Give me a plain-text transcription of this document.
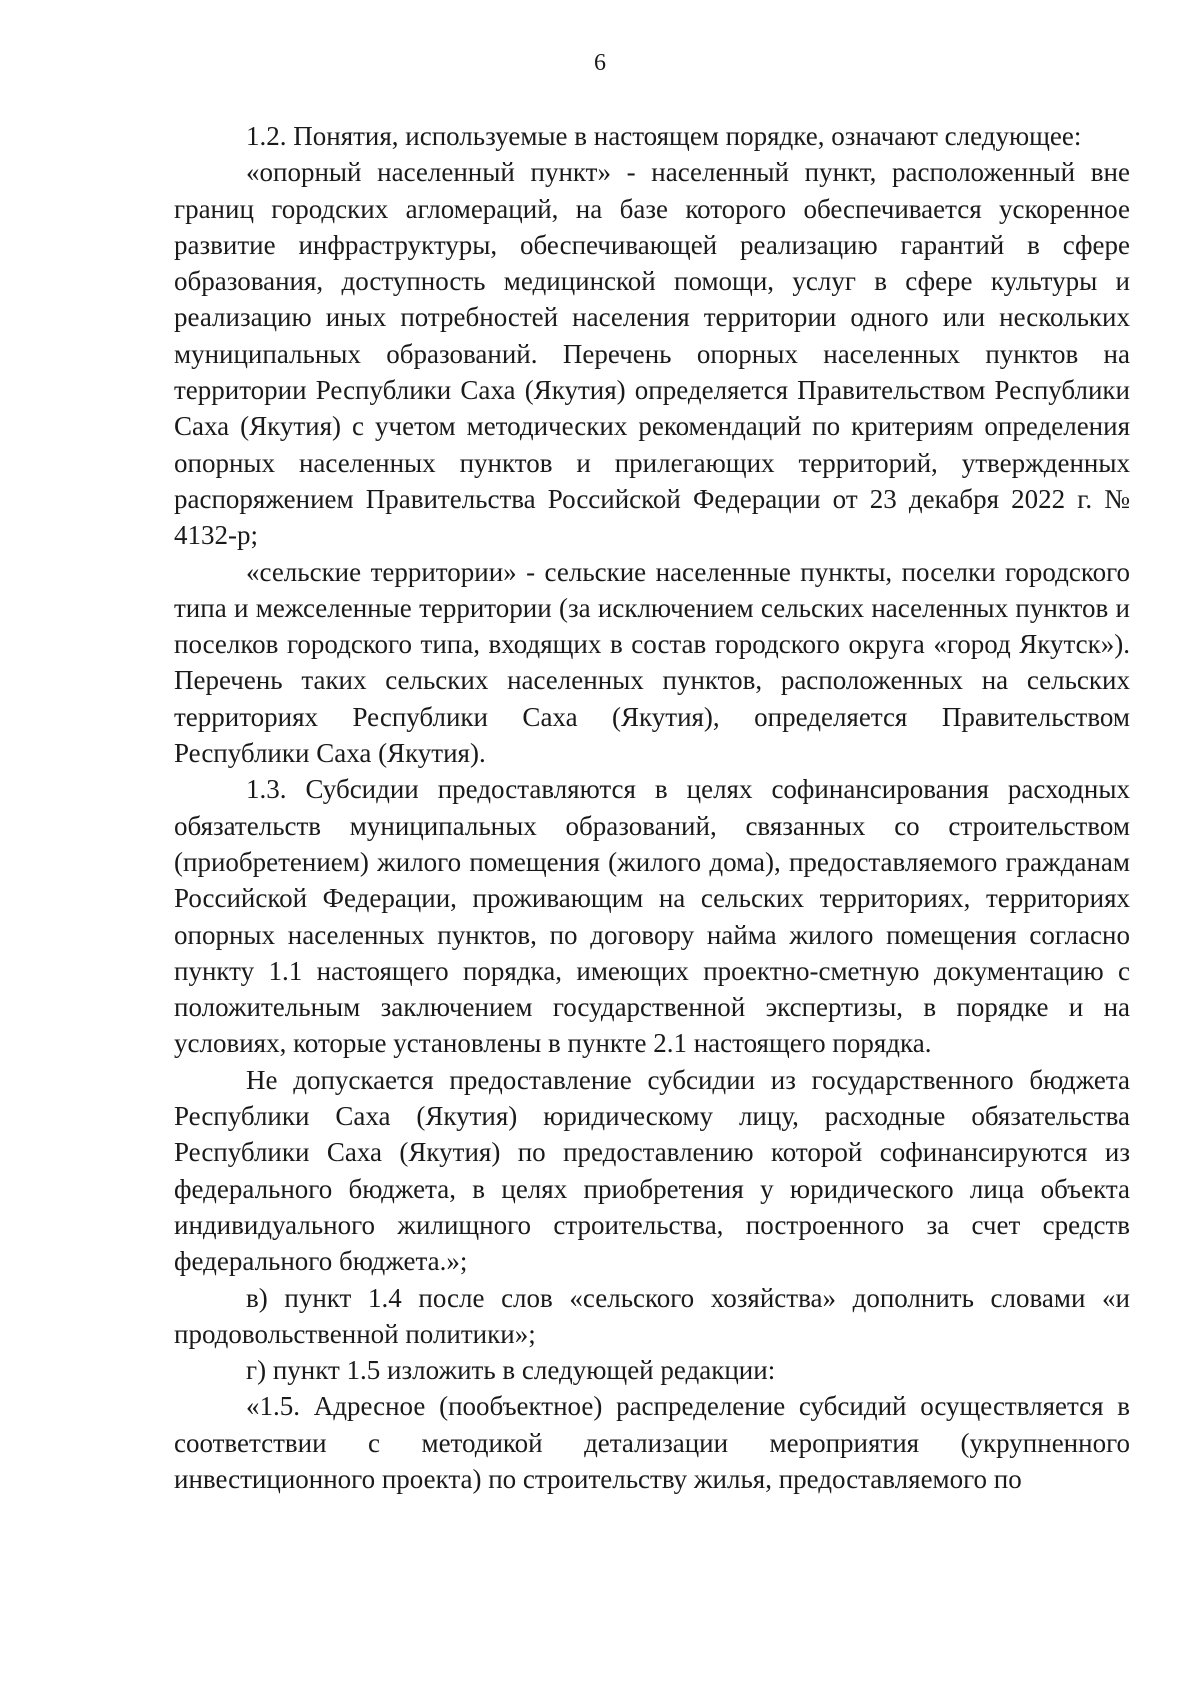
6

1.2. Понятия, используемые в настоящем порядке, означают следующее:

«опорный населенный пункт» - населенный пункт, расположенный вне границ городских агломераций, на базе которого обеспечивается ускоренное развитие инфраструктуры, обеспечивающей реализацию гарантий в сфере образования, доступность медицинской помощи, услуг в сфере культуры и реализацию иных потребностей населения территории одного или нескольких муниципальных образований. Перечень опорных населенных пунктов на территории Республики Саха (Якутия) определяется Правительством Республики Саха (Якутия) с учетом методических рекомендаций по критериям определения опорных населенных пунктов и прилегающих территорий, утвержденных распоряжением Правительства Российской Федерации от 23 декабря 2022 г. № 4132-р;

«сельские территории» - сельские населенные пункты, поселки городского типа и межселенные территории (за исключением сельских населенных пунктов и поселков городского типа, входящих в состав городского округа «город Якутск»). Перечень таких сельских населенных пунктов, расположенных на сельских территориях Республики Саха (Якутия), определяется Правительством Республики Саха (Якутия).

1.3. Субсидии предоставляются в целях софинансирования расходных обязательств муниципальных образований, связанных со строительством (приобретением) жилого помещения (жилого дома), предоставляемого гражданам Российской Федерации, проживающим на сельских территориях, территориях опорных населенных пунктов, по договору найма жилого помещения согласно пункту 1.1 настоящего порядка, имеющих проектно-сметную документацию с положительным заключением государственной экспертизы, в порядке и на условиях, которые установлены в пункте 2.1 настоящего порядка.

Не допускается предоставление субсидии из государственного бюджета Республики Саха (Якутия) юридическому лицу, расходные обязательства Республики Саха (Якутия) по предоставлению которой софинансируются из федерального бюджета, в целях приобретения у юридического лица объекта индивидуального жилищного строительства, построенного за счет средств федерального бюджета.»;

в) пункт 1.4 после слов «сельского хозяйства» дополнить словами «и продовольственной политики»;

г) пункт 1.5 изложить в следующей редакции:

«1.5. Адресное (пообъектное) распределение субсидий осуществляется в соответствии с методикой детализации мероприятия (укрупненного инвестиционного проекта) по строительству жилья, предоставляемого по
